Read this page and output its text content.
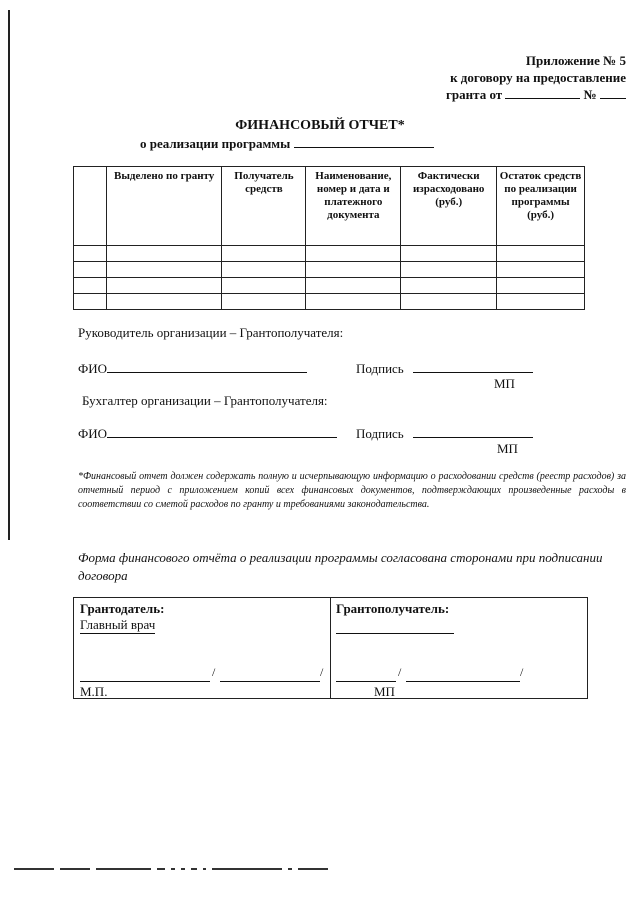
Приложение № 5
к договору на предоставление
гранта от	№
ФИНАНСОВЫЙ ОТЧЕТ*
о реализации программы
	Выделено по гранту	Получатель средств	Наименование, номер и дата и платежного документа	Фактически израсходовано (руб.)	Остаток средств по реализации программы (руб.)

Руководитель организации – Грантополучателя:
ФИО	Подпись
МП
Бухгалтер организации – Грантополучателя:
ФИО	Подпись
МП
*Финансовый отчет должен содержать полную и исчерпывающую информацию о расходовании средств (реестр расходов) за отчетный период с приложением копий всех финансовых документов, подтверждающих произведенные расходы в соответствии со сметой расходов по гранту и требованиями законодательства.
Форма финансового отчёта о реализации программы согласована сторонами при подписании договора
Грантодатель:
Главный врач
/	/
М.П.
Грантополучатель:
/	/
МП
